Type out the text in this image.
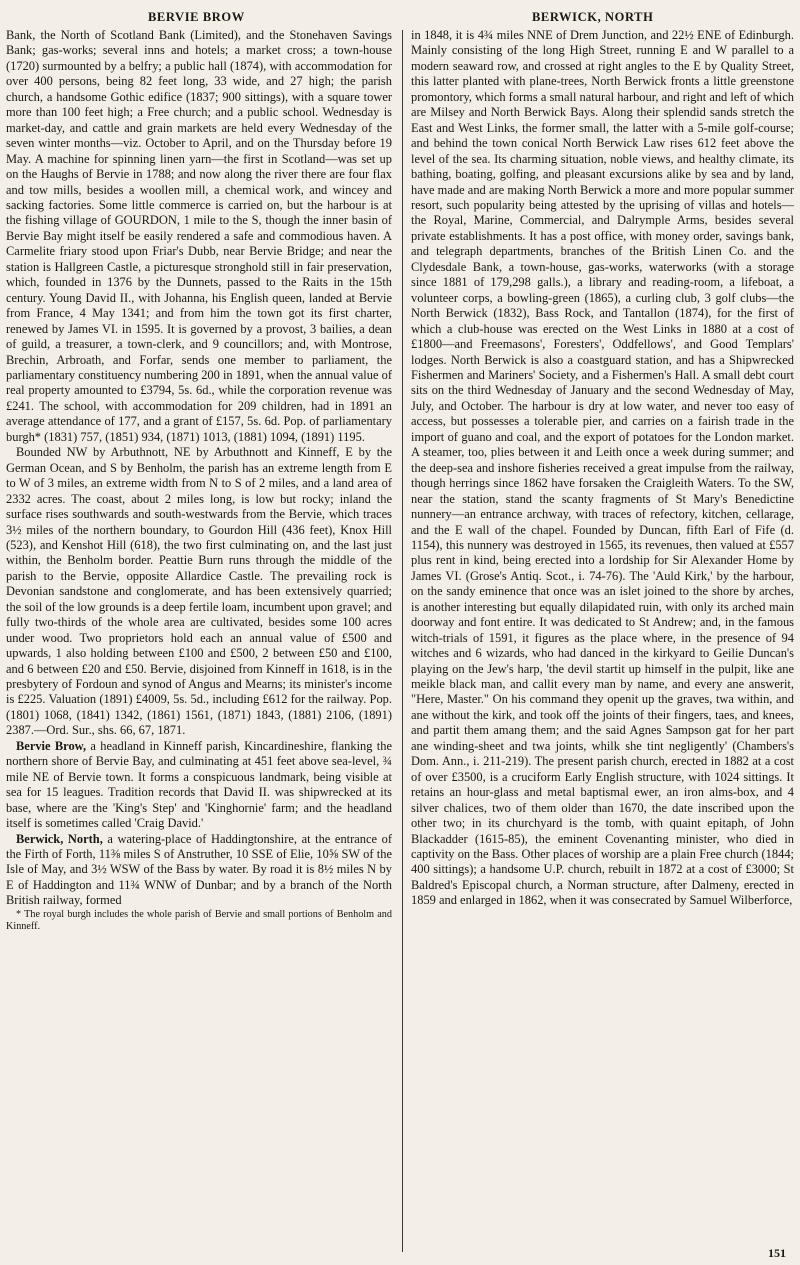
BERVIE BROW	BERWICK, NORTH

Bank, the North of Scotland Bank (Limited), and the Stonehaven Savings Bank; gas-works; several inns and hotels; a market cross; a town-house (1720) surmounted by a belfry; a public hall (1874), with accommodation for over 400 persons, being 82 feet long, 33 wide, and 27 high; the parish church, a handsome Gothic edifice (1837; 900 sittings), with a square tower more than 100 feet high; a Free church; and a public school. Wednesday is market-day, and cattle and grain markets are held every Wednesday of the seven winter months—viz. October to April, and on the Thursday before 19 May. A machine for spinning linen yarn—the first in Scotland—was set up on the Haughs of Bervie in 1788; and now along the river there are four flax and tow mills, besides a woollen mill, a chemical work, and wincey and sacking factories. Some little commerce is carried on, but the harbour is at the fishing village of GOURDON, 1 mile to the S, though the inner basin of Bervie Bay might itself be easily rendered a safe and commodious haven. A Carmelite friary stood upon Friar's Dubb, near Bervie Bridge; and near the station is Hallgreen Castle, a picturesque stronghold still in fair preservation, which, founded in 1376 by the Dunnets, passed to the Raits in the 15th century. Young David II., with Johanna, his English queen, landed at Bervie from France, 4 May 1341; and from him the town got its first charter, renewed by James VI. in 1595. It is governed by a provost, 3 bailies, a dean of guild, a treasurer, a town-clerk, and 9 councillors; and, with Montrose, Brechin, Arbroath, and Forfar, sends one member to parliament, the parliamentary constituency numbering 200 in 1891, when the annual value of real property amounted to £3794, 5s. 6d., while the corporation revenue was £241. The school, with accommodation for 209 children, had in 1891 an average attendance of 177, and a grant of £157, 5s. 6d. Pop. of parliamentary burgh* (1831) 757, (1851) 934, (1871) 1013, (1881) 1094, (1891) 1195.

Bounded NW by Arbuthnott, NE by Arbuthnott and Kinneff, E by the German Ocean, and S by Benholm, the parish has an extreme length from E to W of 3 miles, an extreme width from N to S of 2 miles, and a land area of 2332 acres. The coast, about 2 miles long, is low but rocky; inland the surface rises southwards and south-westwards from the Bervie, which traces 3½ miles of the northern boundary, to Gourdon Hill (436 feet), Knox Hill (523), and Kenshot Hill (618), the two first culminating on, and the last just within, the Benholm border. Peattie Burn runs through the middle of the parish to the Bervie, opposite Allardice Castle. The prevailing rock is Devonian sandstone and conglomerate, and has been extensively quarried; the soil of the low grounds is a deep fertile loam, incumbent upon gravel; and fully two-thirds of the whole area are cultivated, besides some 100 acres under wood. Two proprietors hold each an annual value of £500 and upwards, 1 also holding between £100 and £500, 2 between £50 and £100, and 6 between £20 and £50. Bervie, disjoined from Kinneff in 1618, is in the presbytery of Fordoun and synod of Angus and Mearns; its minister's income is £225. Valuation (1891) £4009, 5s. 5d., including £612 for the railway. Pop. (1801) 1068, (1841) 1342, (1861) 1561, (1871) 1843, (1881) 2106, (1891) 2387.—Ord. Sur., shs. 66, 67, 1871.

Bervie Brow, a headland in Kinneff parish, Kincardineshire, flanking the northern shore of Bervie Bay, and culminating at 451 feet above sea-level, ¾ mile NE of Bervie town. It forms a conspicuous landmark, being visible at sea for 15 leagues. Tradition records that David II. was shipwrecked at its base, where are the 'King's Step' and 'Kinghornie' farm; and the headland itself is sometimes called 'Craig David.'

Berwick, North, a watering-place of Haddingtonshire, at the entrance of the Firth of Forth, 11⅜ miles S of Anstruther, 10 SSE of Elie, 10⅝ SW of the Isle of May, and 3½ WSW of the Bass by water. By road it is 8½ miles N by E of Haddington and 11¾ WNW of Dunbar; and by a branch of the North British railway, formed

* The royal burgh includes the whole parish of Bervie and small portions of Benholm and Kinneff.

in 1848, it is 4¾ miles NNE of Drem Junction, and 22½ ENE of Edinburgh. Mainly consisting of the long High Street, running E and W parallel to a modern seaward row, and crossed at right angles to the E by Quality Street, this latter planted with plane-trees, North Berwick fronts a little greenstone promontory, which forms a small natural harbour, and right and left of which are Milsey and North Berwick Bays. Along their splendid sands stretch the East and West Links, the former small, the latter with a 5-mile golf-course; and behind the town conical North Berwick Law rises 612 feet above the level of the sea. Its charming situation, noble views, and healthy climate, its bathing, boating, golfing, and pleasant excursions alike by sea and by land, have made and are making North Berwick a more and more popular summer resort, such popularity being attested by the uprising of villas and hotels—the Royal, Marine, Commercial, and Dalrymple Arms, besides several private establishments. It has a post office, with money order, savings bank, and telegraph departments, branches of the British Linen Co. and the Clydesdale Bank, a town-house, gas-works, waterworks (with a storage since 1881 of 179,298 galls.), a library and reading-room, a lifeboat, a volunteer corps, a bowling-green (1865), a curling club, 3 golf clubs—the North Berwick (1832), Bass Rock, and Tantallon (1874), for the first of which a club-house was erected on the West Links in 1880 at a cost of £1800—and Freemasons', Foresters', Oddfellows', and Good Templars' lodges. North Berwick is also a coastguard station, and has a Shipwrecked Fishermen and Mariners' Society, and a Fishermen's Hall. A small debt court sits on the third Wednesday of January and the second Wednesday of May, July, and October. The harbour is dry at low water, and never too easy of access, but possesses a tolerable pier, and carries on a fairish trade in the import of guano and coal, and the export of potatoes for the London market. A steamer, too, plies between it and Leith once a week during summer; and the deep-sea and inshore fisheries received a great impulse from the railway, though herrings since 1862 have forsaken the Craigleith Waters. To the SW, near the station, stand the scanty fragments of St Mary's Benedictine nunnery—an entrance archway, with traces of refectory, kitchen, cellarage, and the E wall of the chapel. Founded by Duncan, fifth Earl of Fife (d. 1154), this nunnery was destroyed in 1565, its revenues, then valued at £557 plus rent in kind, being erected into a lordship for Sir Alexander Home by James VI. (Grose's Antiq. Scot., i. 74-76). The 'Auld Kirk,' by the harbour, on the sandy eminence that once was an islet joined to the shore by arches, is another interesting but equally dilapidated ruin, with only its arched main doorway and font entire. It was dedicated to St Andrew; and, in the famous witch-trials of 1591, it figures as the place where, in the presence of 94 witches and 6 wizards, who had danced in the kirkyard to Geilie Duncan's playing on the Jew's harp, 'the devil startit up himself in the pulpit, like ane meikle black man, and callit every man by name, and every ane answerit, "Here, Master." On his command they openit up the graves, twa within, and ane without the kirk, and took off the joints of their fingers, taes, and knees, and partit them amang them; and the said Agnes Sampson gat for her part ane winding-sheet and twa joints, whilk she tint negligently' (Chambers's Dom. Ann., i. 211-219). The present parish church, erected in 1882 at a cost of over £3500, is a cruciform Early English structure, with 1024 sittings. It retains an hour-glass and metal baptismal ewer, an iron alms-box, and 4 silver chalices, two of them older than 1670, the date inscribed upon the other two; in its churchyard is the tomb, with quaint epitaph, of John Blackadder (1615-85), the eminent Covenanting minister, who died in captivity on the Bass. Other places of worship are a plain Free church (1844; 400 sittings); a handsome U.P. church, rebuilt in 1872 at a cost of £3000; St Baldred's Episcopal church, a Norman structure, after Dalmeny, erected in 1859 and enlarged in 1862, when it was consecrated by Samuel Wilberforce,

151
